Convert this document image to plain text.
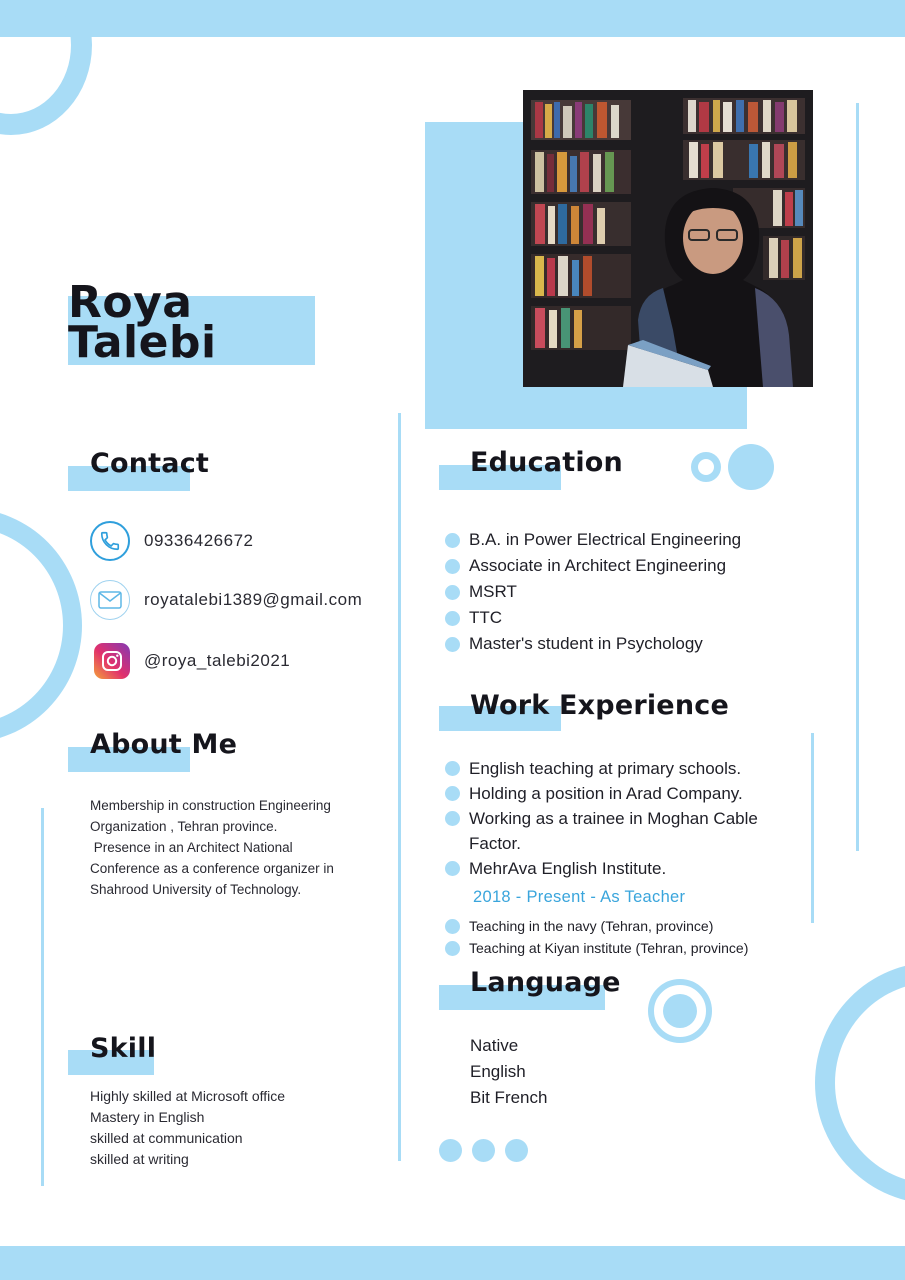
Roya
Talebi
Contact
09336426672
royatalebi1389@gmail.com
@roya_talebi2021
About Me
Membership in construction Engineering
Organization , Tehran province.
Presence in an Architect National
Conference as a conference organizer in
Shahrood University of Technology.
Skill
Highly skilled at Microsoft office
Mastery in English
skilled at communication
skilled at writing
Education
B.A. in Power Electrical Engineering
Associate in Architect Engineering
MSRT
TTC
Master's student in Psychology
Work Experience
English teaching at primary schools.
Holding a position in Arad Company.
Working as a trainee in Moghan Cable
Factor.
MehrAva English Institute.
2018 - Present - As Teacher
Teaching in the navy (Tehran, province)
Teaching at Kiyan institute (Tehran, province)
Language
Native
English
Bit French
